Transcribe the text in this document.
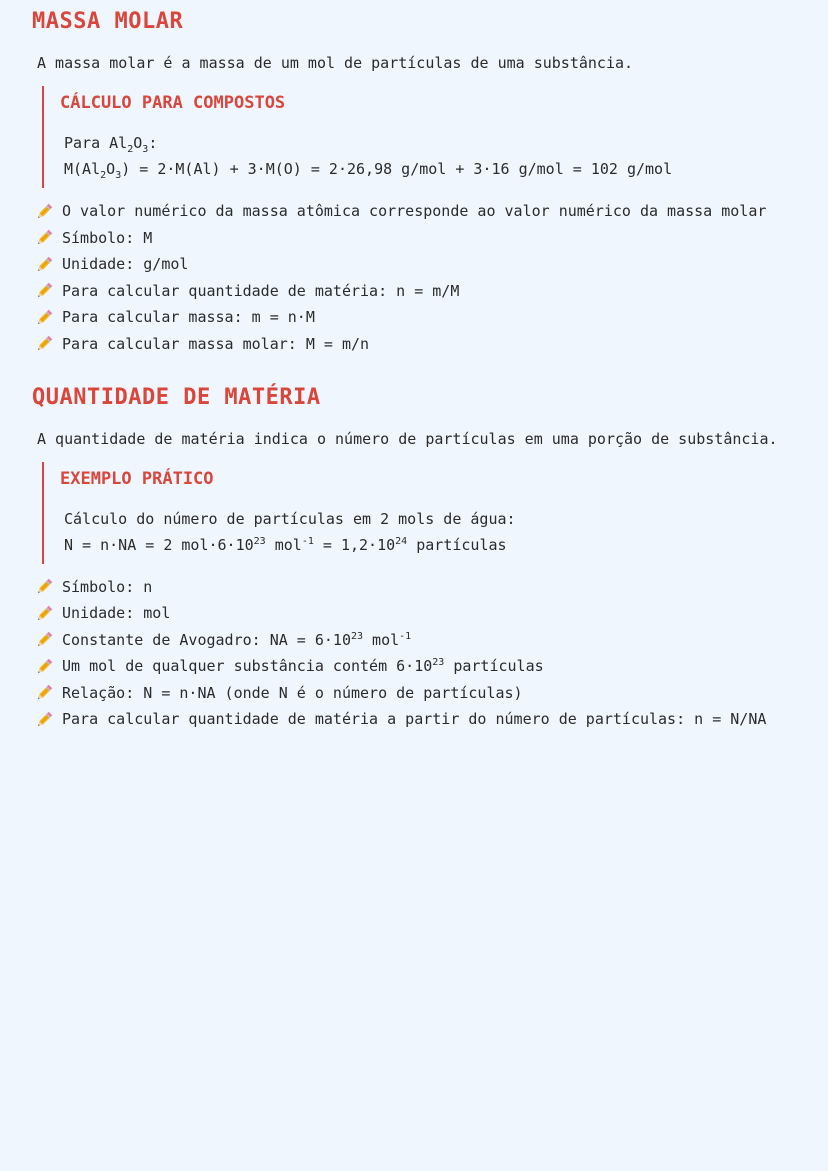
MASSA MOLAR

A massa molar é a massa de um mol de partículas de uma substância.

CÁLCULO PARA COMPOSTOS
Para $Al_2O_3$:
$M(Al_2O_3) = 2\cdot M(Al) + 3\cdot M(O) = 2\cdot 26,98$ g/mol + 3·16 g/mol = 102 g/mol
O valor numérico da massa atômica corresponde ao valor numérico da massa molar
Símbolo: M
Unidade: g/mol
Para calcular quantidade de matéria: n = m/M
Para calcular massa: m = n·M
Para calcular massa molar: M = m/n
QUANTIDADE DE MATÉRIA

A quantidade de matéria indica o número de partículas em uma porção de substância.

EXEMPLO PRÁTICO
Cálculo do número de partículas em 2 mols de água:
N = n·NA = 2 $mol\cdot 6\cdot 10^{23}$ $mol^{-1} = 1,2\cdot 10^{24}$ partículas
Símbolo: n
Unidade: mol
Constante de Avogadro: NA = $6\cdot 10^{23}$ mol$^{-1}$
Um mol de qualquer substância contém $6\cdot 10^{23}$ partículas
Relação: N = n·NA (onde N é o número de partículas)
Para calcular quantidade de matéria a partir do número de partículas: n = N/NA
